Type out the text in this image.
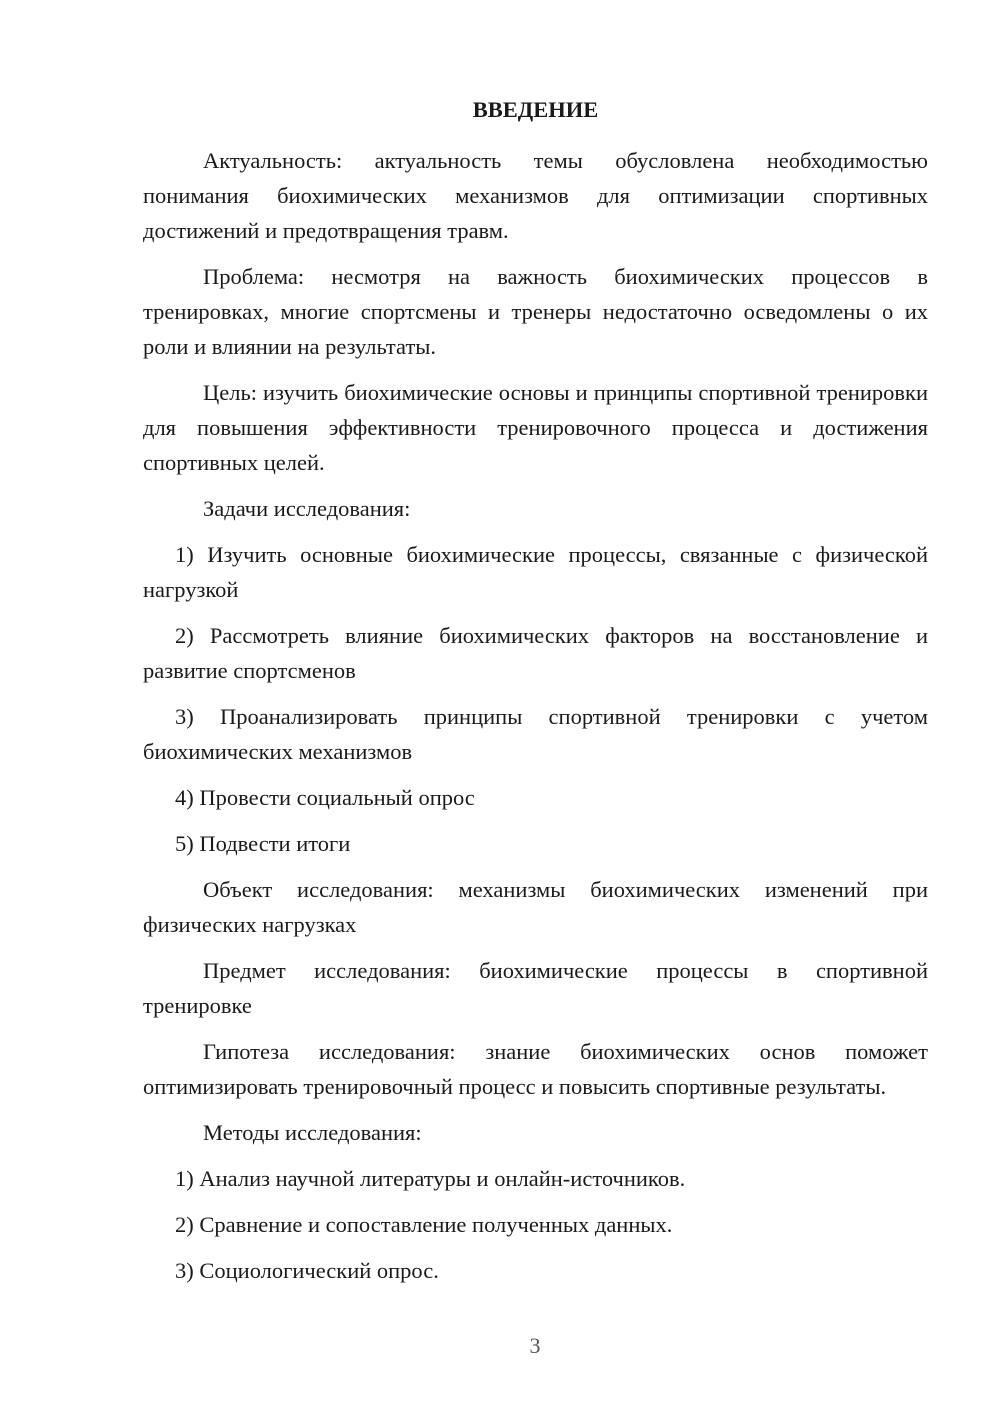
ВВЕДЕНИЕ
Актуальность: актуальность темы обусловлена необходимостью понимания биохимических механизмов для оптимизации спортивных достижений и предотвращения травм.
Проблема: несмотря на важность биохимических процессов в тренировках, многие спортсмены и тренеры недостаточно осведомлены о их роли и влиянии на результаты.
Цель: изучить биохимические основы и принципы спортивной тренировки для повышения эффективности тренировочного процесса и достижения спортивных целей.
Задачи исследования:
1) Изучить основные биохимические процессы, связанные с физической нагрузкой
2) Рассмотреть влияние биохимических факторов на восстановление и развитие спортсменов
3) Проанализировать принципы спортивной тренировки с учетом биохимических механизмов
4) Провести социальный опрос
5) Подвести итоги
Объект исследования: механизмы биохимических изменений при физических нагрузках
Предмет исследования: биохимические процессы в спортивной тренировке
Гипотеза исследования: знание биохимических основ поможет оптимизировать тренировочный процесс и повысить спортивные результаты.
Методы исследования:
1) Анализ научной литературы и онлайн-источников.
2) Сравнение и сопоставление полученных данных.
3) Социологический опрос.
3
